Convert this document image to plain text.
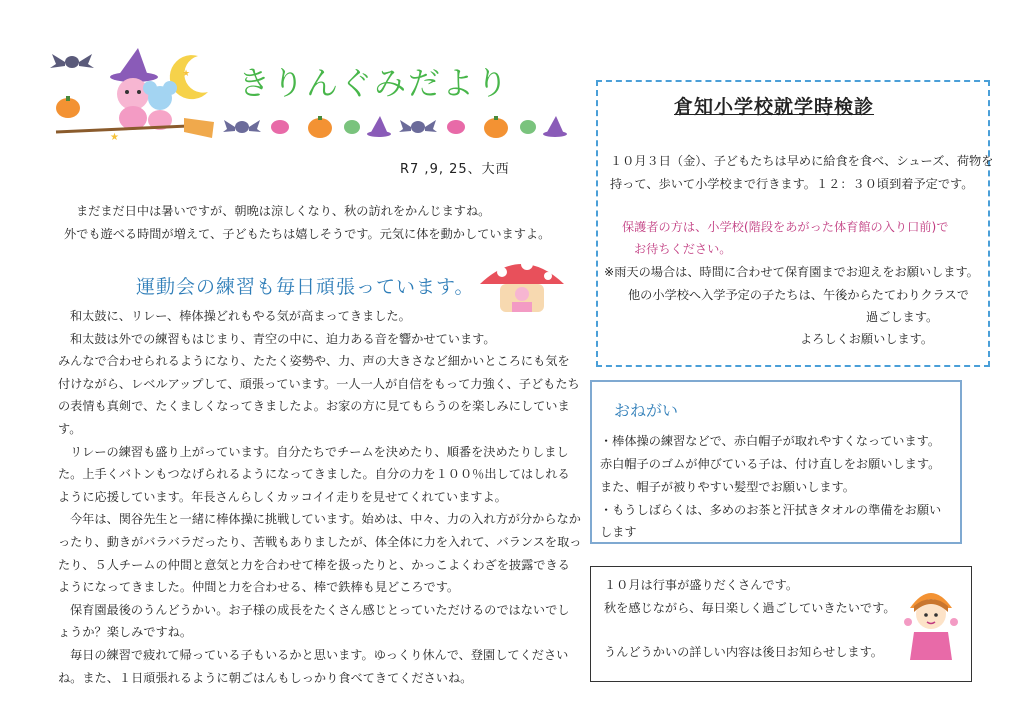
★
★ きりんぐみだより
R7 ,9, 25、大西
まだまだ日中は暑いですが、朝晩は涼しくなり、秋の訪れをかんじますね。
外でも遊べる時間が増えて、子どもたちは嬉しそうです。元気に体を動かしていますよ。
運動会の練習も毎日頑張っています。
和太鼓に、リレー、棒体操どれもやる気が高まってきました。
和太鼓は外での練習もはじまり、青空の中に、迫力ある音を響かせています。
みんなで合わせられるようになり、たたく姿勢や、力、声の大きさなど細かいところにも気を
付けながら、レベルアップして、頑張っています。一人一人が自信をもって力強く、子どもたち
の表情も真剣で、たくましくなってきましたよ。お家の方に見てもらうのを楽しみにしていま
す。
リレーの練習も盛り上がっています。自分たちでチームを決めたり、順番を決めたりしまし
た。上手くバトンもつなげられるようになってきました。自分の力を１００％出してはしれる
ように応援しています。年長さんらしくカッコイイ走りを見せてくれていますよ。
今年は、関谷先生と一緒に棒体操に挑戦しています。始めは、中々、力の入れ方が分からなか
ったり、動きがバラバラだったり、苦戦もありましたが、体全体に力を入れて、バランスを取っ
たり、５人チームの仲間と意気と力を合わせて棒を扱ったりと、かっこよくわざを披露できる
ようになってきました。仲間と力を合わせる、棒で鉄棒も見どころです。
保育園最後のうんどうかい。お子様の成長をたくさん感じとっていただけるのではないでし
ょうか？楽しみですね。
毎日の練習で疲れて帰っている子もいるかと思います。ゆっくり休んで、登園してください
ね。また、１日頑張れるように朝ごはんもしっかり食べてきてくださいね。
倉知小学校就学時検診
１０月３日（金）、子どもたちは早めに給食を食べ、シューズ、荷物を
持って、歩いて小学校まで行きます。１２：３０頃到着予定です。
保護者の方は、小学校(階段をあがった体育館の入り口前)で
お待ちください。
※雨天の場合は、時間に合わせて保育園までお迎えをお願いします。
他の小学校へ入学予定の子たちは、午後からたてわりクラスで
過ごします。
よろしくお願いします。
おねがい
・棒体操の練習などで、赤白帽子が取れやすくなっています。
赤白帽子のゴムが伸びている子は、付け直しをお願いします。
また、帽子が被りやすい髪型でお願いします。
・もうしばらくは、多めのお茶と汗拭きタオルの準備をお願い
します
１０月は行事が盛りだくさんです。
秋を感じながら、毎日楽しく過ごしていきたいです。
うんどうかいの詳しい内容は後日お知らせします。
